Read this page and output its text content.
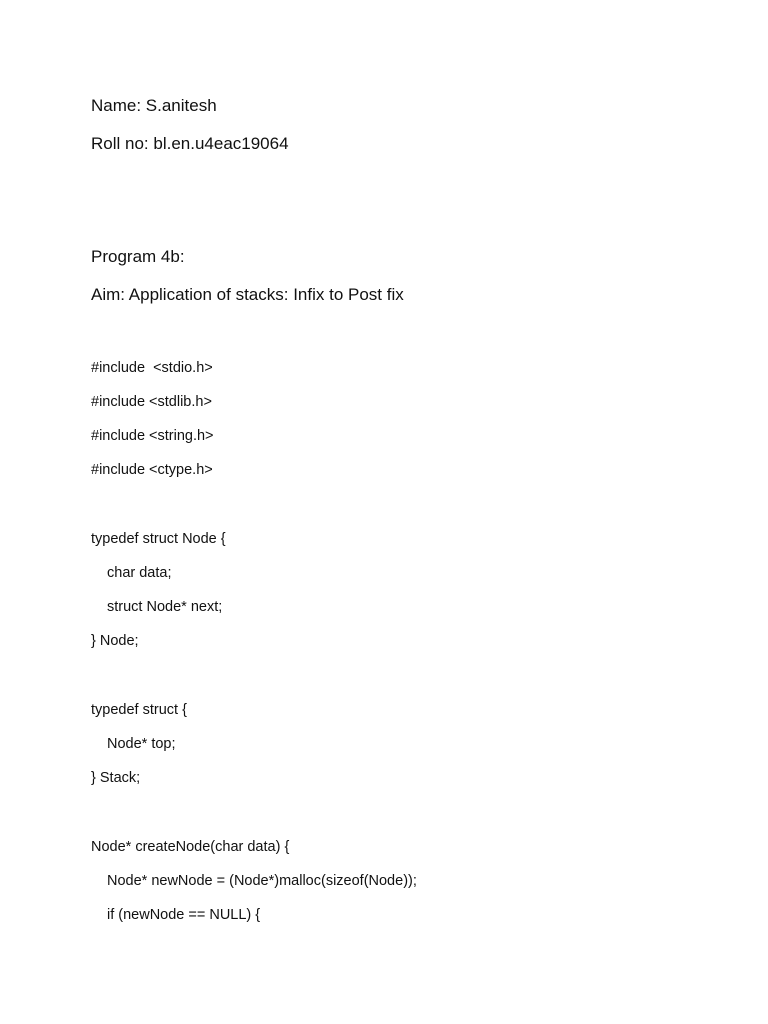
Name: S.anitesh
Roll no: bl.en.u4eac19064
Program 4b:
Aim: Application of stacks: Infix to Post fix
#include  <stdio.h>
#include <stdlib.h>
#include <string.h>
#include <ctype.h>
typedef struct Node {
char data;
struct Node* next;
} Node;
typedef struct {
Node* top;
} Stack;
Node* createNode(char data) {
Node* newNode = (Node*)malloc(sizeof(Node));
if (newNode == NULL) {
